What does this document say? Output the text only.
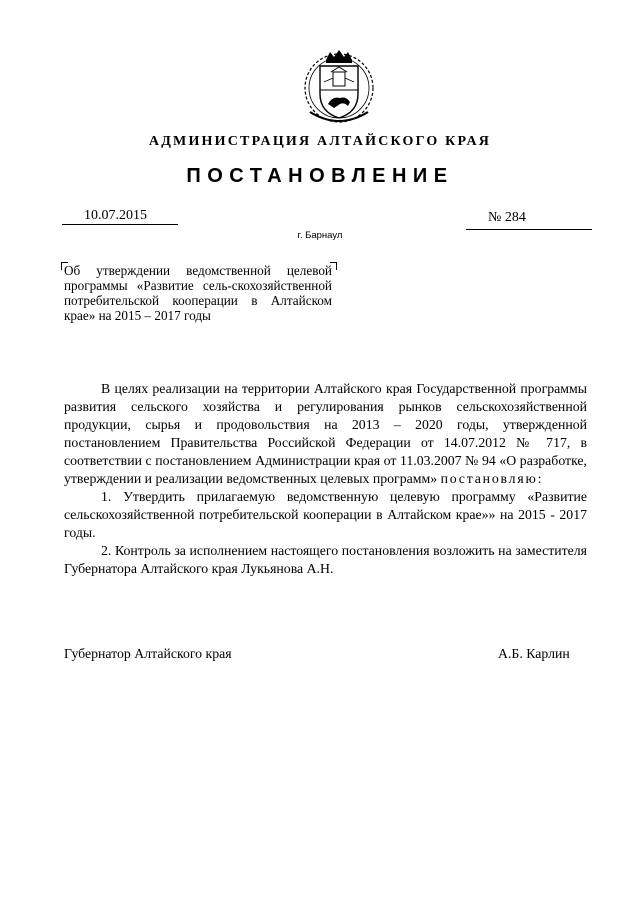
АДМИНИСТРАЦИЯ АЛТАЙСКОГО КРАЯ
ПОСТАНОВЛЕНИЕ
10.07.2015	№ 284
г. Барнаул
Об утверждении ведомственной целевой программы «Развитие сель-скохозяйственной потребительской кооперации в Алтайском крае» на 2015 – 2017 годы

В целях реализации на территории Алтайского края Государственной программы развития сельского хозяйства и регулирования рынков сельскохозяйственной продукции, сырья и продовольствия на 2013 – 2020 годы, утвержденной постановлением Правительства Российской Федерации от 14.07.2012 № 717, в соответствии с постановлением Администрации края от 11.03.2007 № 94 «О разработке, утверждении и реализации ведомственных целевых программ» постановляю:

1. Утвердить прилагаемую ведомственную целевую программу «Развитие сельскохозяйственной потребительской кооперации в Алтайском крае»» на 2015 - 2017 годы.

2. Контроль за исполнением настоящего постановления возложить на заместителя Губернатора Алтайского края Лукьянова А.Н.

Губернатор Алтайского края	А.Б. Карлин
